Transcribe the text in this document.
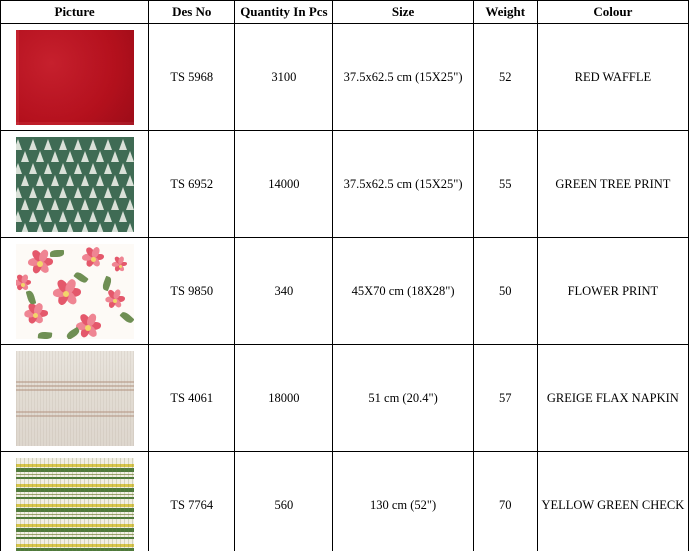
Picture	Des No	Quantity In Pcs	Size	Weight	Colour

	TS 5968	3100	37.5x62.5 cm (15X25")	52	RED WAFFLE

	TS 6952	14000	37.5x62.5 cm (15X25")	55	GREEN TREE PRINT

	TS 9850	340	45X70 cm (18X28")	50	FLOWER PRINT

	TS 4061	18000	51 cm (20.4")	57	GREIGE FLAX NAPKIN

	TS 7764	560	130 cm (52")	70	YELLOW GREEN CHECK
